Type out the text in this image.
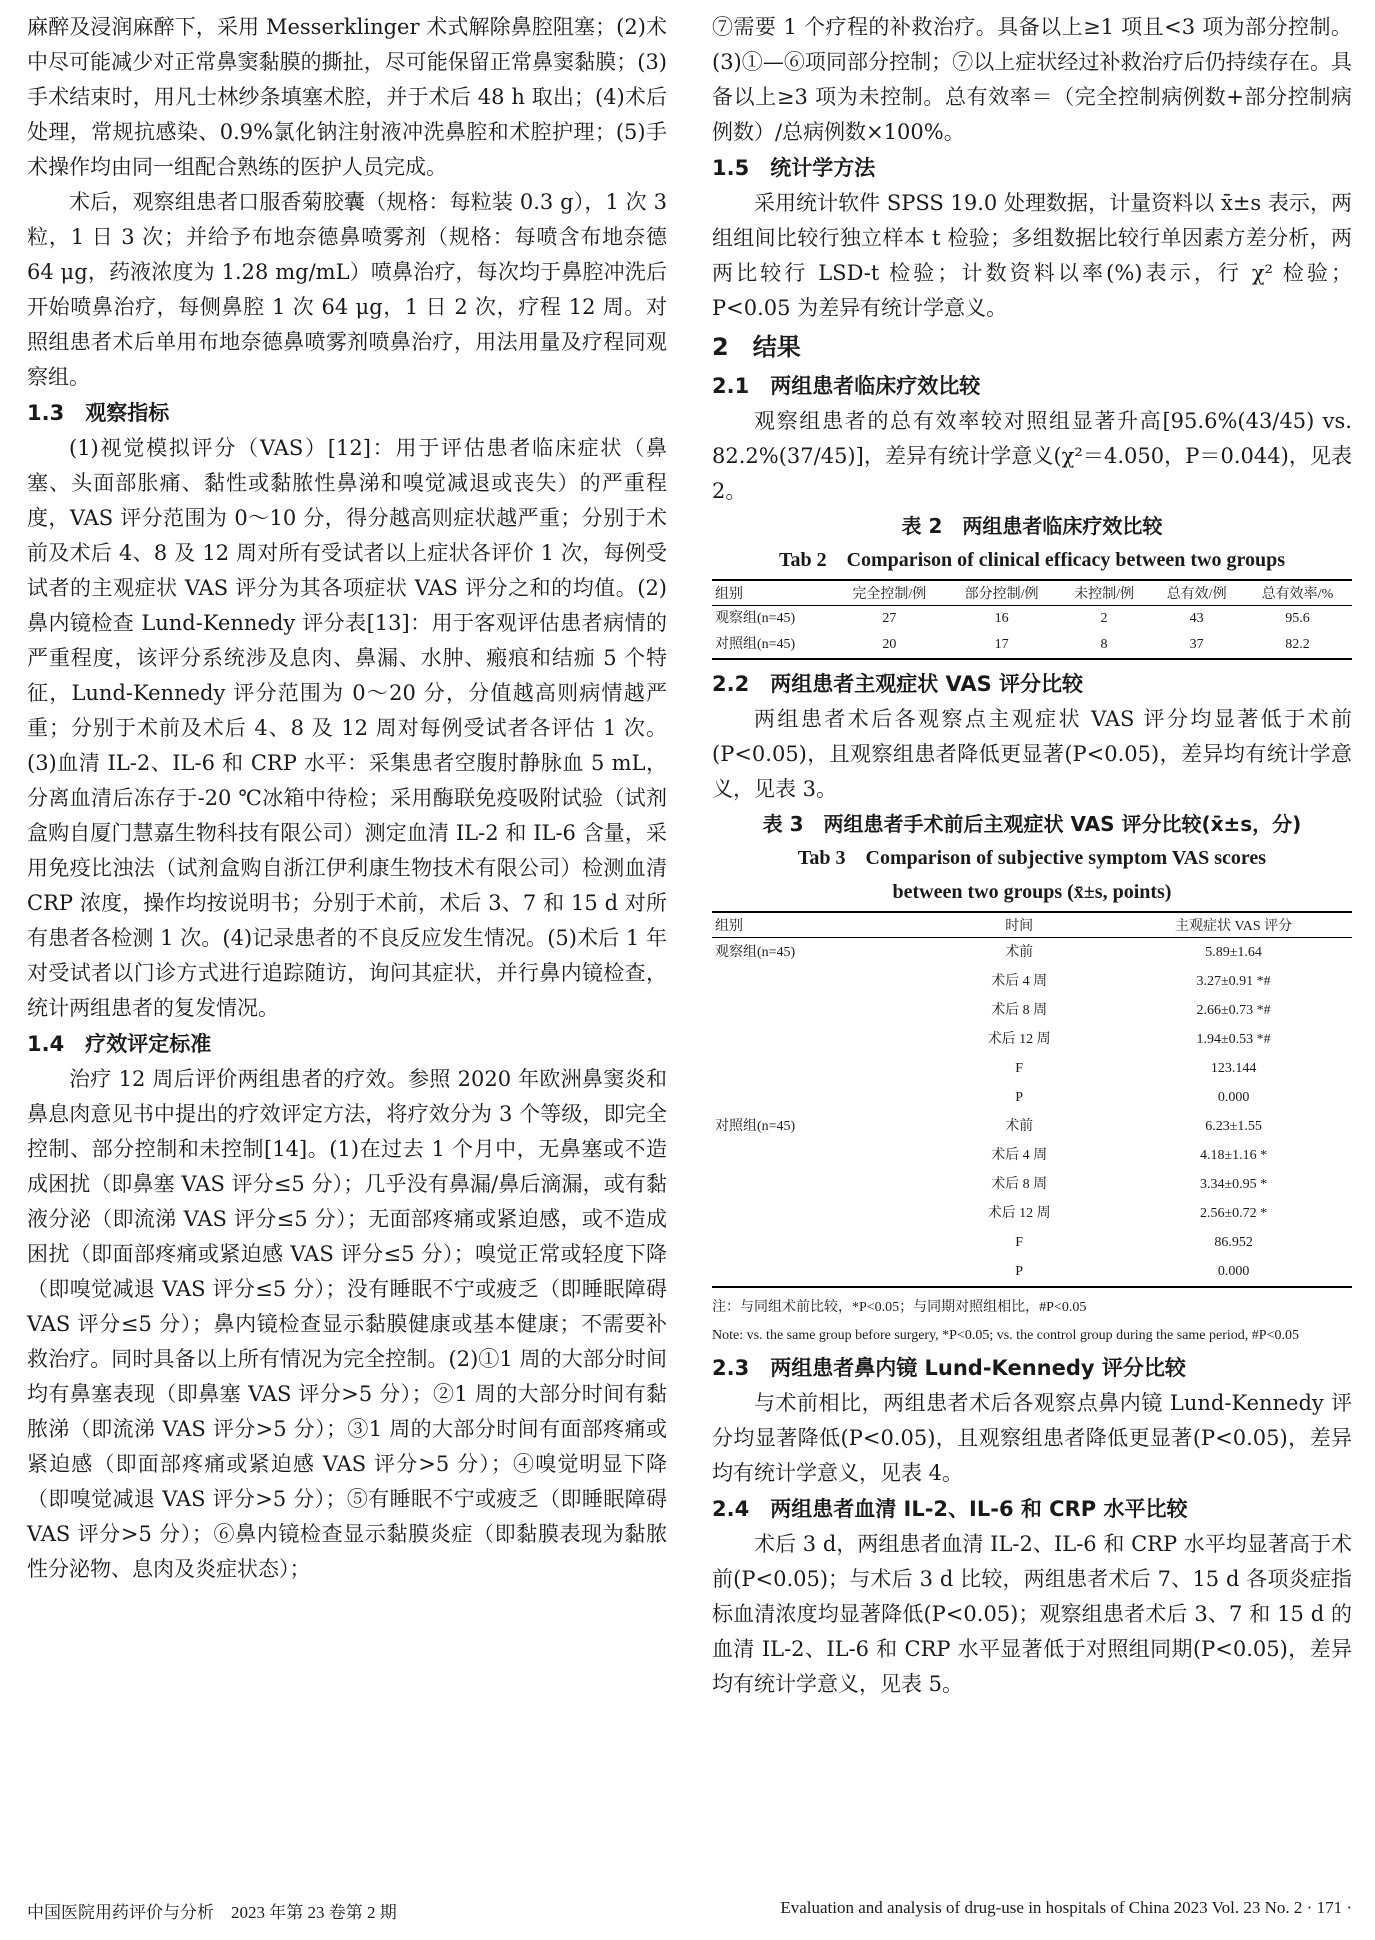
麻醉及浸润麻醉下，采用 Messerklinger 术式解除鼻腔阻塞；(2)术中尽可能减少对正常鼻窦黏膜的撕扯，尽可能保留正常鼻窦黏膜；(3)手术结束时，用凡士林纱条填塞术腔，并于术后 48 h 取出；(4)术后处理，常规抗感染、0.9%氯化钠注射液冲洗鼻腔和术腔护理；(5)手术操作均由同一组配合熟练的医护人员完成。

术后，观察组患者口服香菊胶囊（规格：每粒装 0.3 g），1 次 3 粒，1 日 3 次；并给予布地奈德鼻喷雾剂（规格：每喷含布地奈德 64 μg，药液浓度为 1.28 mg/mL）喷鼻治疗，每次均于鼻腔冲洗后开始喷鼻治疗，每侧鼻腔 1 次 64 μg，1 日 2 次，疗程 12 周。对照组患者术后单用布地奈德鼻喷雾剂喷鼻治疗，用法用量及疗程同观察组。

1.3　观察指标

(1)视觉模拟评分（VAS）[12]：用于评估患者临床症状（鼻塞、头面部胀痛、黏性或黏脓性鼻涕和嗅觉减退或丧失）的严重程度，VAS 评分范围为 0～10 分，得分越高则症状越严重；分别于术前及术后 4、8 及 12 周对所有受试者以上症状各评价 1 次，每例受试者的主观症状 VAS 评分为其各项症状 VAS 评分之和的均值。(2)鼻内镜检查 Lund-Kennedy 评分表[13]：用于客观评估患者病情的严重程度，该评分系统涉及息肉、鼻漏、水肿、瘢痕和结痂 5 个特征，Lund-Kennedy 评分范围为 0～20 分，分值越高则病情越严重；分别于术前及术后 4、8 及 12 周对每例受试者各评估 1 次。(3)血清 IL-2、IL-6 和 CRP 水平：采集患者空腹肘静脉血 5 mL，分离血清后冻存于-20 ℃冰箱中待检；采用酶联免疫吸附试验（试剂盒购自厦门慧嘉生物科技有限公司）测定血清 IL-2 和 IL-6 含量，采用免疫比浊法（试剂盒购自浙江伊利康生物技术有限公司）检测血清 CRP 浓度，操作均按说明书；分别于术前，术后 3、7 和 15 d 对所有患者各检测 1 次。(4)记录患者的不良反应发生情况。(5)术后 1 年对受试者以门诊方式进行追踪随访，询问其症状，并行鼻内镜检查，统计两组患者的复发情况。

1.4　疗效评定标准

治疗 12 周后评价两组患者的疗效。参照 2020 年欧洲鼻窦炎和鼻息肉意见书中提出的疗效评定方法，将疗效分为 3 个等级，即完全控制、部分控制和未控制[14]。(1)在过去 1 个月中，无鼻塞或不造成困扰（即鼻塞 VAS 评分≤5 分）；几乎没有鼻漏/鼻后滴漏，或有黏液分泌（即流涕 VAS 评分≤5 分）；无面部疼痛或紧迫感，或不造成困扰（即面部疼痛或紧迫感 VAS 评分≤5 分）；嗅觉正常或轻度下降（即嗅觉减退 VAS 评分≤5 分）；没有睡眠不宁或疲乏（即睡眠障碍 VAS 评分≤5 分）；鼻内镜检查显示黏膜健康或基本健康；不需要补救治疗。同时具备以上所有情况为完全控制。(2)①1 周的大部分时间均有鼻塞表现（即鼻塞 VAS 评分>5 分）；②1 周的大部分时间有黏脓涕（即流涕 VAS 评分>5 分）；③1 周的大部分时间有面部疼痛或紧迫感（即面部疼痛或紧迫感 VAS 评分>5 分）；④嗅觉明显下降（即嗅觉减退 VAS 评分>5 分）；⑤有睡眠不宁或疲乏（即睡眠障碍 VAS 评分>5 分）；⑥鼻内镜检查显示黏膜炎症（即黏膜表现为黏脓性分泌物、息肉及炎症状态）；

⑦需要 1 个疗程的补救治疗。具备以上≥1 项且<3 项为部分控制。(3)①—⑥项同部分控制；⑦以上症状经过补救治疗后仍持续存在。具备以上≥3 项为未控制。总有效率＝（完全控制病例数+部分控制病例数）/总病例数×100%。

1.5　统计学方法

采用统计软件 SPSS 19.0 处理数据，计量资料以 x̄±s 表示，两组组间比较行独立样本 t 检验；多组数据比较行单因素方差分析，两两比较行 LSD-t 检验；计数资料以率(%)表示，行 χ² 检验；P<0.05 为差异有统计学意义。

2　结果
2.1　两组患者临床疗效比较

观察组患者的总有效率较对照组显著升高[95.6%(43/45) vs. 82.2%(37/45)]，差异有统计学意义(χ²＝4.050，P＝0.044)，见表 2。

表 2　两组患者临床疗效比较

Tab 2　Comparison of clinical efficacy between two groups

组别	完全控制/例	部分控制/例	未控制/例	总有效/例	总有效率/%
观察组(n=45)	27	16	2	43	95.6
对照组(n=45)	20	17	8	37	82.2
2.2　两组患者主观症状 VAS 评分比较

两组患者术后各观察点主观症状 VAS 评分均显著低于术前(P<0.05)，且观察组患者降低更显著(P<0.05)，差异均有统计学意义，见表 3。

表 3　两组患者手术前后主观症状 VAS 评分比较(x̄±s，分)

Tab 3　Comparison of subjective symptom VAS scores

between two groups (x̄±s, points)

组别	时间	主观症状 VAS 评分
观察组(n=45)	术前	5.89±1.64
	术后 4 周	3.27±0.91 *#
	术后 8 周	2.66±0.73 *#
	术后 12 周	1.94±0.53 *#
	F	123.144
	P	0.000
对照组(n=45)	术前	6.23±1.55
	术后 4 周	4.18±1.16 *
	术后 8 周	3.34±0.95 *
	术后 12 周	2.56±0.72 *
	F	86.952
	P	0.000

注：与同组术前比较，*P<0.05；与同期对照组相比，#P<0.05

Note: vs. the same group before surgery, *P<0.05; vs. the control group during the same period, #P<0.05

2.3　两组患者鼻内镜 Lund-Kennedy 评分比较

与术前相比，两组患者术后各观察点鼻内镜 Lund-Kennedy 评分均显著降低(P<0.05)，且观察组患者降低更显著(P<0.05)，差异均有统计学意义，见表 4。

2.4　两组患者血清 IL-2、IL-6 和 CRP 水平比较

术后 3 d，两组患者血清 IL-2、IL-6 和 CRP 水平均显著高于术前(P<0.05)；与术后 3 d 比较，两组患者术后 7、15 d 各项炎症指标血清浓度均显著降低(P<0.05)；观察组患者术后 3、7 和 15 d 的血清 IL-2、IL-6 和 CRP 水平显著低于对照组同期(P<0.05)，差异均有统计学意义，见表 5。

中国医院用药评价与分析　2023 年第 23 卷第 2 期	Evaluation and analysis of drug-use in hospitals of China 2023 Vol. 23 No. 2 · 171 ·
